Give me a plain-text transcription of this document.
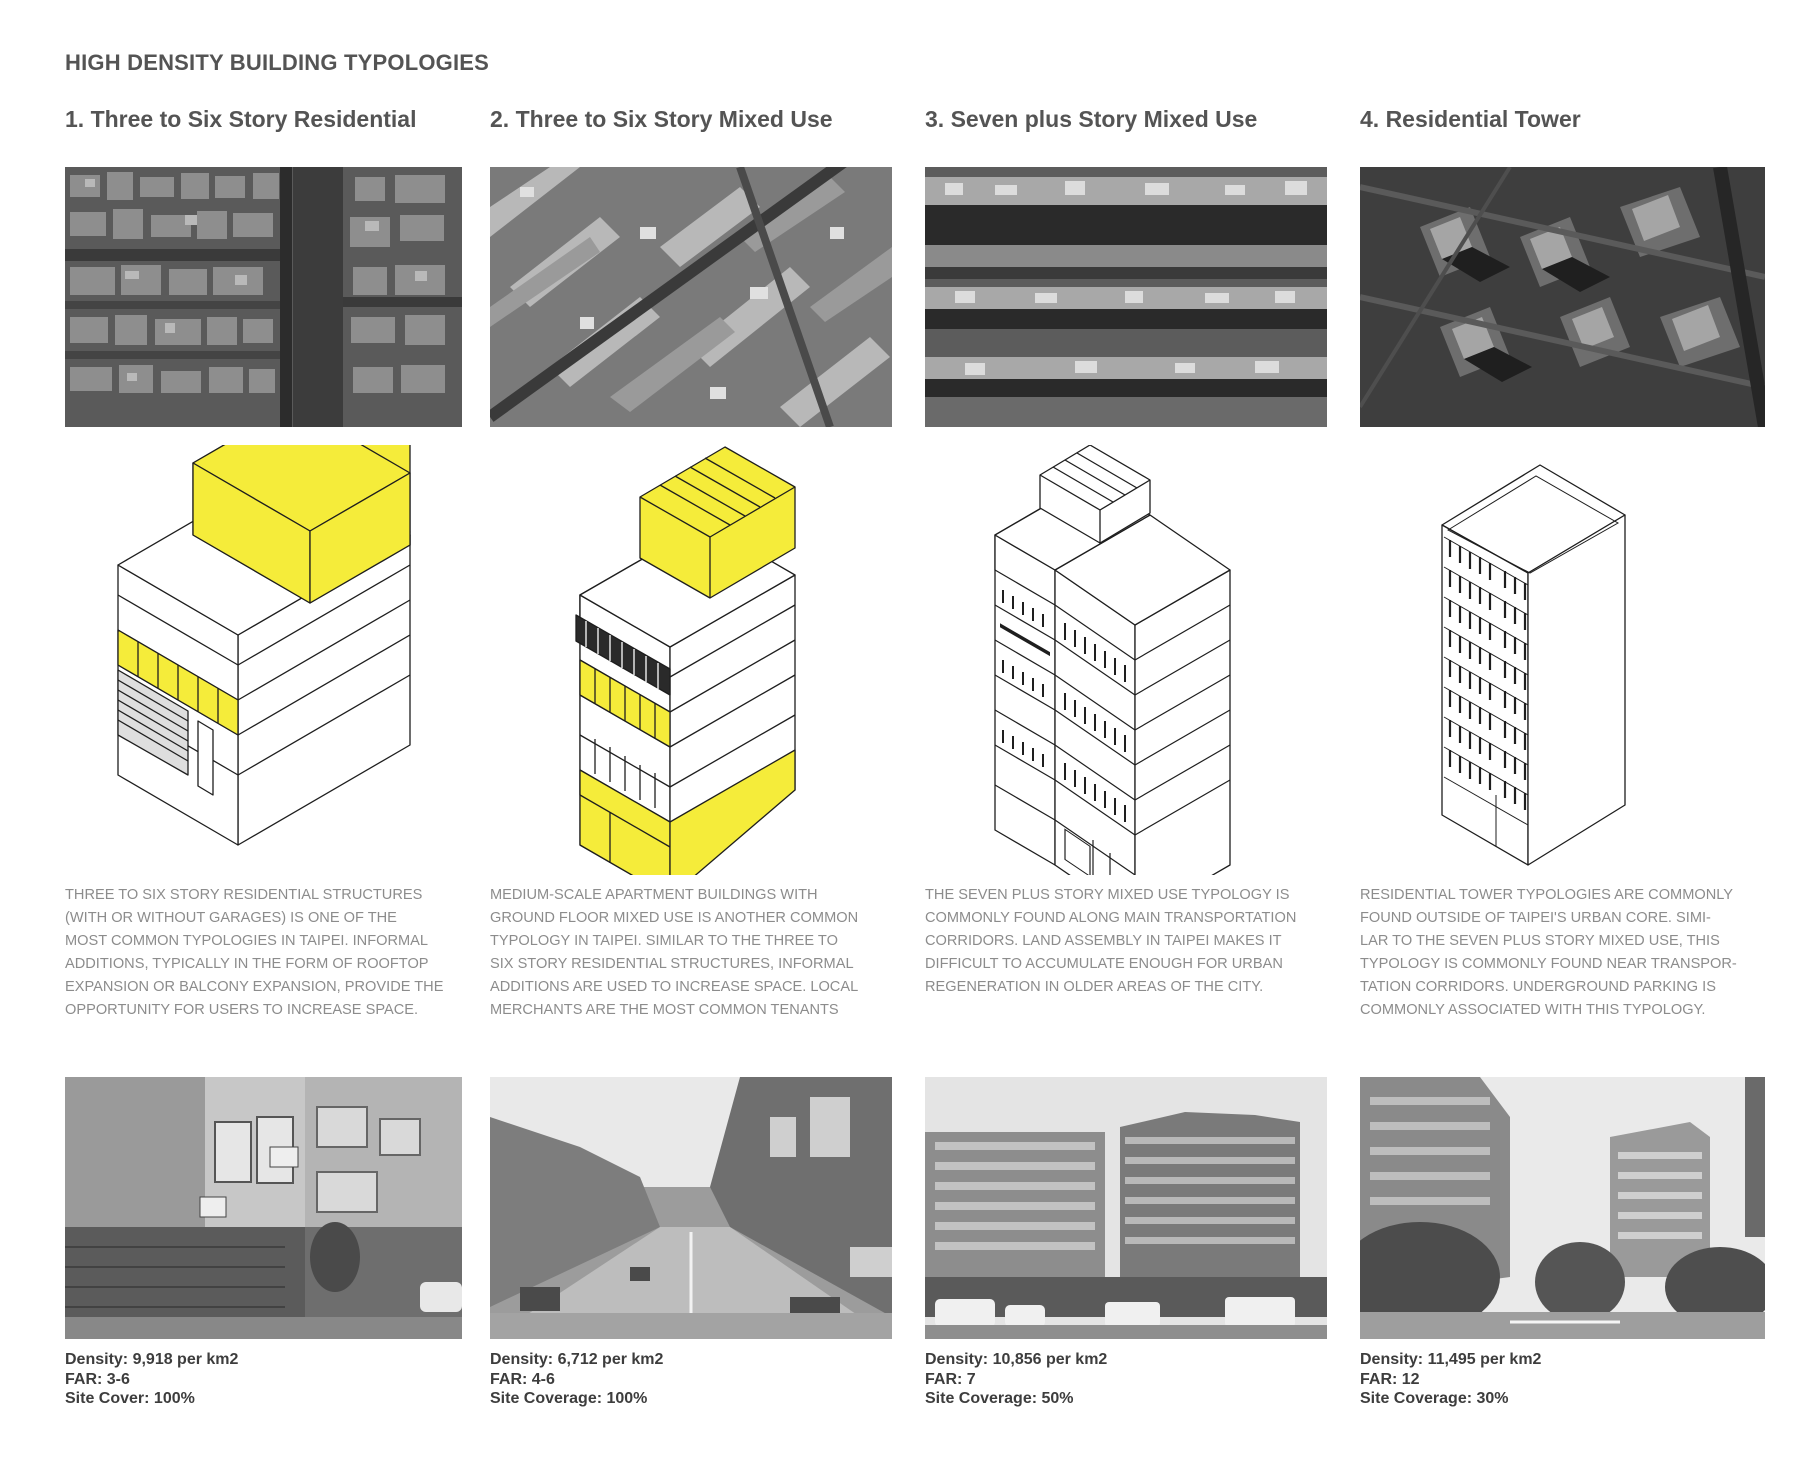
HIGH DENSITY BUILDING TYPOLOGIES
1. Three to Six Story Residential

THREE TO SIX STORY RESIDENTIAL STRUCTURES

(WITH OR WITHOUT GARAGES) IS ONE OF THE

MOST COMMON TYPOLOGIES IN TAIPEI. INFORMAL

ADDITIONS, TYPICALLY IN THE FORM OF ROOFTOP

EXPANSION OR BALCONY EXPANSION, PROVIDE THE

OPPORTUNITY FOR USERS TO INCREASE SPACE.

Density: 9,918 per km2
FAR: 3-6
Site Cover: 100%
2. Three to Six Story Mixed Use

MEDIUM-SCALE APARTMENT BUILDINGS WITH

GROUND FLOOR MIXED USE IS ANOTHER COMMON

TYPOLOGY IN TAIPEI. SIMILAR TO THE THREE TO

SIX STORY RESIDENTIAL STRUCTURES, INFORMAL

ADDITIONS ARE USED TO INCREASE SPACE. LOCAL

MERCHANTS ARE THE MOST COMMON TENANTS

Density: 6,712 per km2
FAR: 4-6
Site Coverage: 100%
3. Seven plus Story Mixed Use

THE SEVEN PLUS STORY MIXED USE TYPOLOGY IS

COMMONLY FOUND ALONG MAIN TRANSPORTATION

CORRIDORS. LAND ASSEMBLY IN TAIPEI MAKES IT

DIFFICULT TO ACCUMULATE ENOUGH FOR URBAN

REGENERATION IN OLDER AREAS OF THE CITY.

Density: 10,856 per km2
FAR: 7
Site Coverage: 50%
4. Residential Tower

RESIDENTIAL TOWER TYPOLOGIES ARE COMMONLY

FOUND OUTSIDE OF TAIPEI'S URBAN CORE. SIMI-

LAR TO THE SEVEN PLUS STORY MIXED USE, THIS

TYPOLOGY IS COMMONLY FOUND NEAR TRANSPOR-

TATION CORRIDORS. UNDERGROUND PARKING IS

COMMONLY ASSOCIATED WITH THIS TYPOLOGY.

Density: 11,495 per km2
FAR: 12
Site Coverage: 30%
